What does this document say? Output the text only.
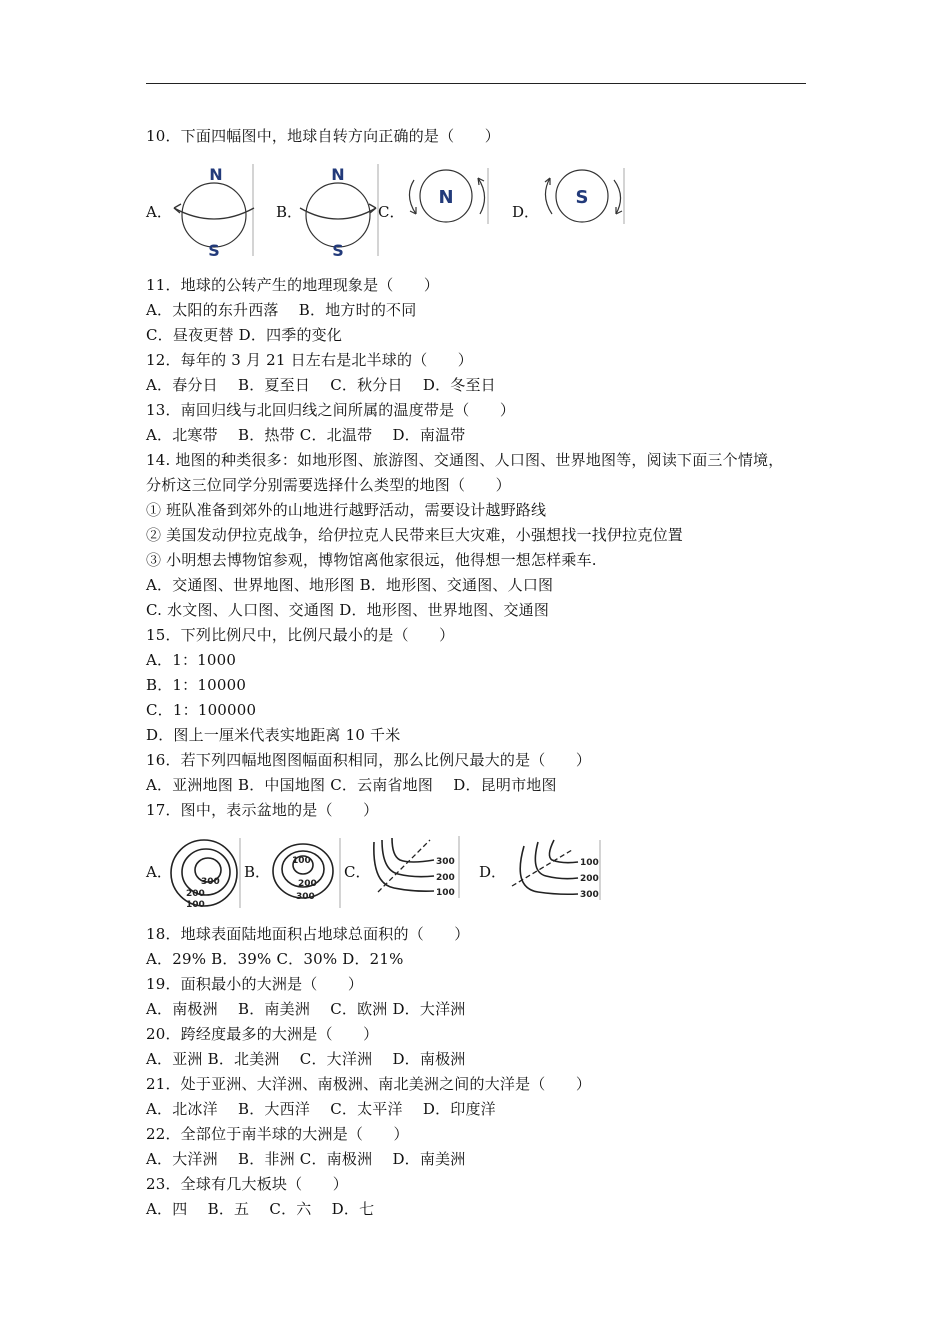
10．下面四幅图中，地球自转方向正确的是（　　）
A．
N
S
B．
N
S
C．
N
D．
S
11．地球的公转产生的地理现象是（　　）
A．太阳的东升西落　 B．地方时的不同
C．昼夜更替 D．四季的变化
12．每年的 3 月 21 日左右是北半球的（　　）
A．春分日　 B．夏至日　 C．秋分日　 D．冬至日
13．南回归线与北回归线之间所属的温度带是（　　）
A．北寒带　 B．热带 C．北温带　 D．南温带
14. 地图的种类很多：如地形图、旅游图、交通图、人口图、世界地图等，阅读下面三个情境，
分析这三位同学分别需要选择什么类型的地图（　　）
① 班队准备到郊外的山地进行越野活动，需要设计越野路线
② 美国发动伊拉克战争，给伊拉克人民带来巨大灾难，小强想找一找伊拉克位置
③ 小明想去博物馆参观，博物馆离他家很远，他得想一想怎样乘车.
A．交通图、世界地图、地形图 B．地形图、交通图、人口图
C. 水文图、人口图、交通图 D．地形图、世界地图、交通图
15．下列比例尺中，比例尺最小的是（　　）
A．1：1000
B．1：10000
C．1：100000
D．图上一厘米代表实地距离 10 千米
16．若下列四幅地图图幅面积相同，那么比例尺最大的是（　　）
A．亚洲地图 B．中国地图 C．云南省地图　 D．昆明市地图
17．图中，表示盆地的是（　　）
A．
300
200
100
B．
100
200
300
C．
300
200
100
D．	100
200
300
18．地球表面陆地面积占地球总面积的（　　）
A．29% B．39% C．30% D．21%
19．面积最小的大洲是（　　）
A．南极洲　 B．南美洲　 C．欧洲 D．大洋洲
20．跨经度最多的大洲是（　　）
A．亚洲 B．北美洲　 C．大洋洲　 D．南极洲
21．处于亚洲、大洋洲、南极洲、南北美洲之间的大洋是（　　）
A．北冰洋　 B．大西洋　 C．太平洋　 D．印度洋
22．全部位于南半球的大洲是（　　）
A．大洋洲　 B．非洲 C．南极洲　 D．南美洲
23．全球有几大板块（　　）
A．四　 B．五　 C．六　 D．七
